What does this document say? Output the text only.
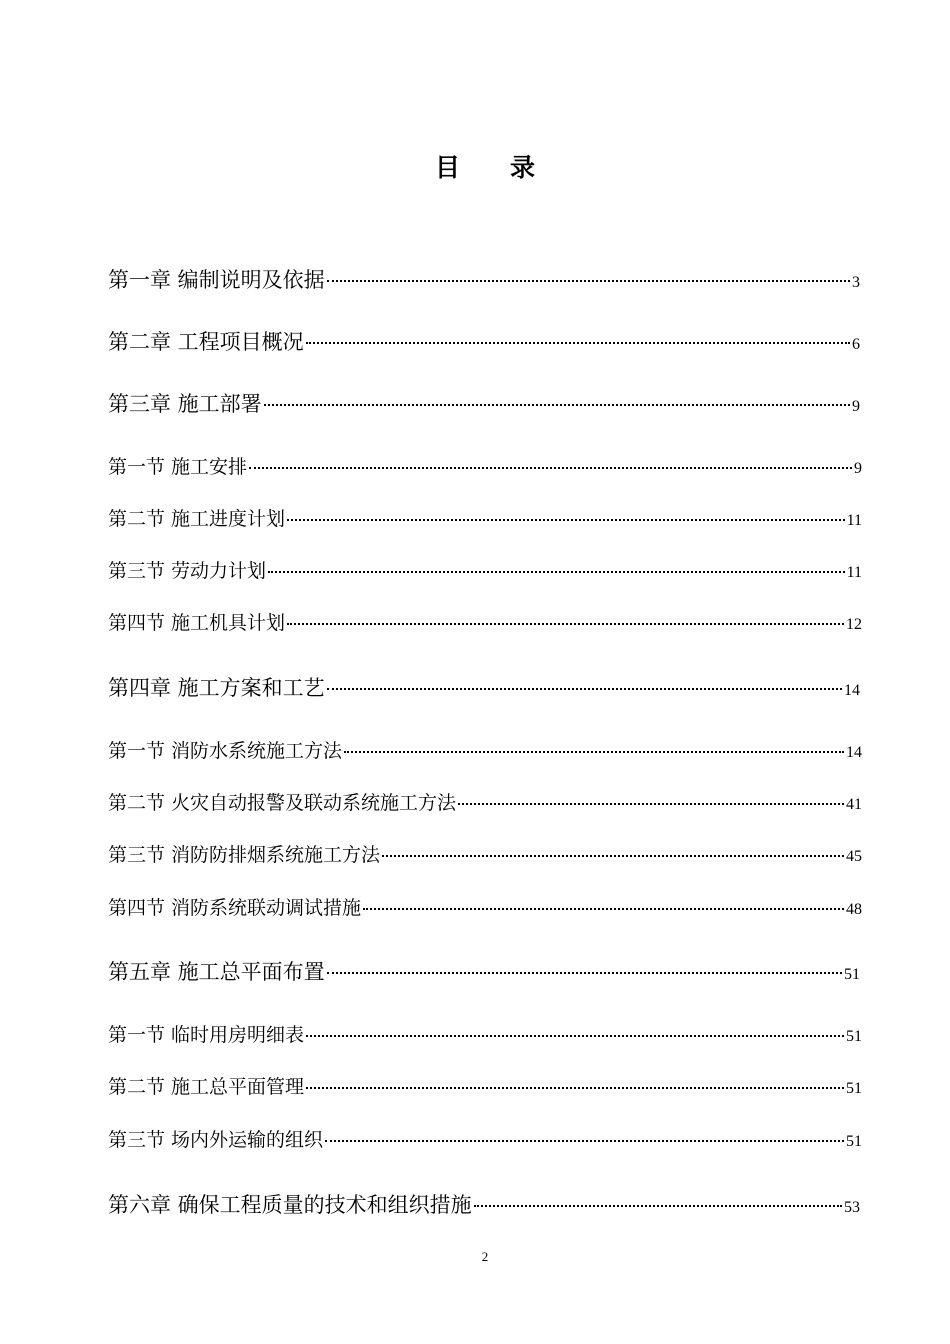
目　　录
第一章 编制说明及依据	3
第二章 工程项目概况	6
第三章 施工部署	9
第一节 施工安排	9
第二节 施工进度计划	11
第三节 劳动力计划	11
第四节 施工机具计划	12
第四章 施工方案和工艺	14
第一节 消防水系统施工方法	14
第二节 火灾自动报警及联动系统施工方法	41
第三节 消防防排烟系统施工方法	45
第四节 消防系统联动调试措施	48
第五章 施工总平面布置	51
第一节 临时用房明细表	51
第二节 施工总平面管理	51
第三节 场内外运输的组织	51
第六章 确保工程质量的技术和组织措施	53
2
